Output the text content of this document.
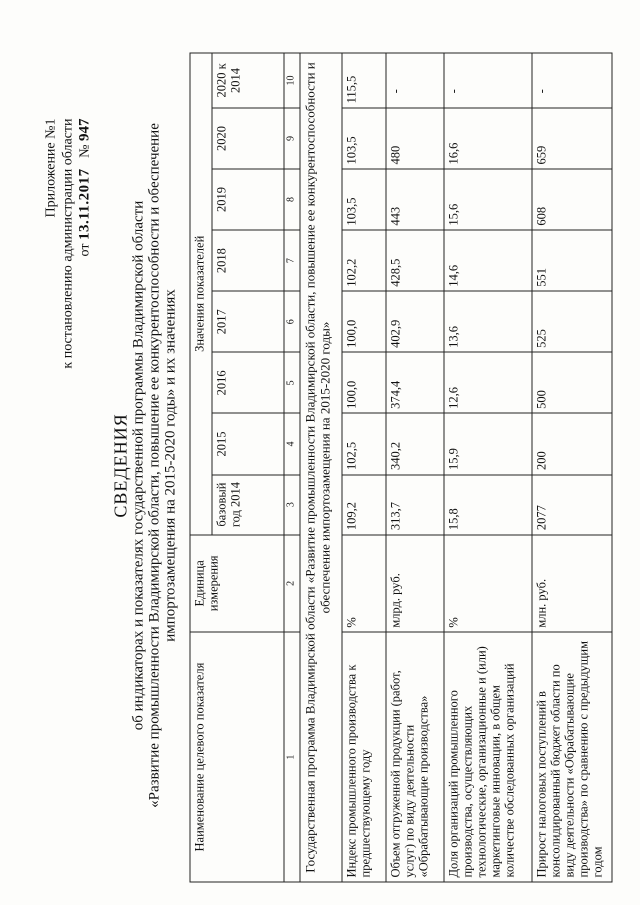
Приложение №1 к постановлению администрации области от 13.11.2017   № 947
СВЕДЕНИЯ об индикаторах и показателях государственной программы Владимирской области «Развитие промышленности Владимирской области, повышение ее конкурентоспособности и обеспечение импортозамещения на 2015-2020 годы» и их значениях
Наименование целевого показателя	Единица измерения	Значения показателей							
		базовый год 2014	2015	2016	2017	2018	2019	2020	2020 к 2014
1	2	3	4	5	6	7	8	9	10
Государственная программа Владимирской области «Развитие промышленности Владимирской области, повышение ее конкурентоспособности и обеспечение импортозамещения на 2015-2020 годы»									
Индекс промышленного производства к предшествующему году	%	109,2	102,5	100,0	100,0	102,2	103,5	103,5	115,5
Объем отгруженной продукции (работ, услуг) по виду деятельности «Обрабатывающие производства»	млрд. руб.	313,7	340,2	374,4	402,9	428,5	443	480	-
Доля организаций промышленного производства, осуществляющих технологические, организационные и (или) маркетинговые инновации, в общем количестве обследованных организаций	%	15,8	15,9	12,6	13,6	14,6	15,6	16,6	-
Прирост налоговых поступлений в консолидированный бюджет области по виду деятельности «Обрабатывающие производства» по сравнению с предыдущим годом	млн. руб.	2077	200	500	525	551	608	659	-
